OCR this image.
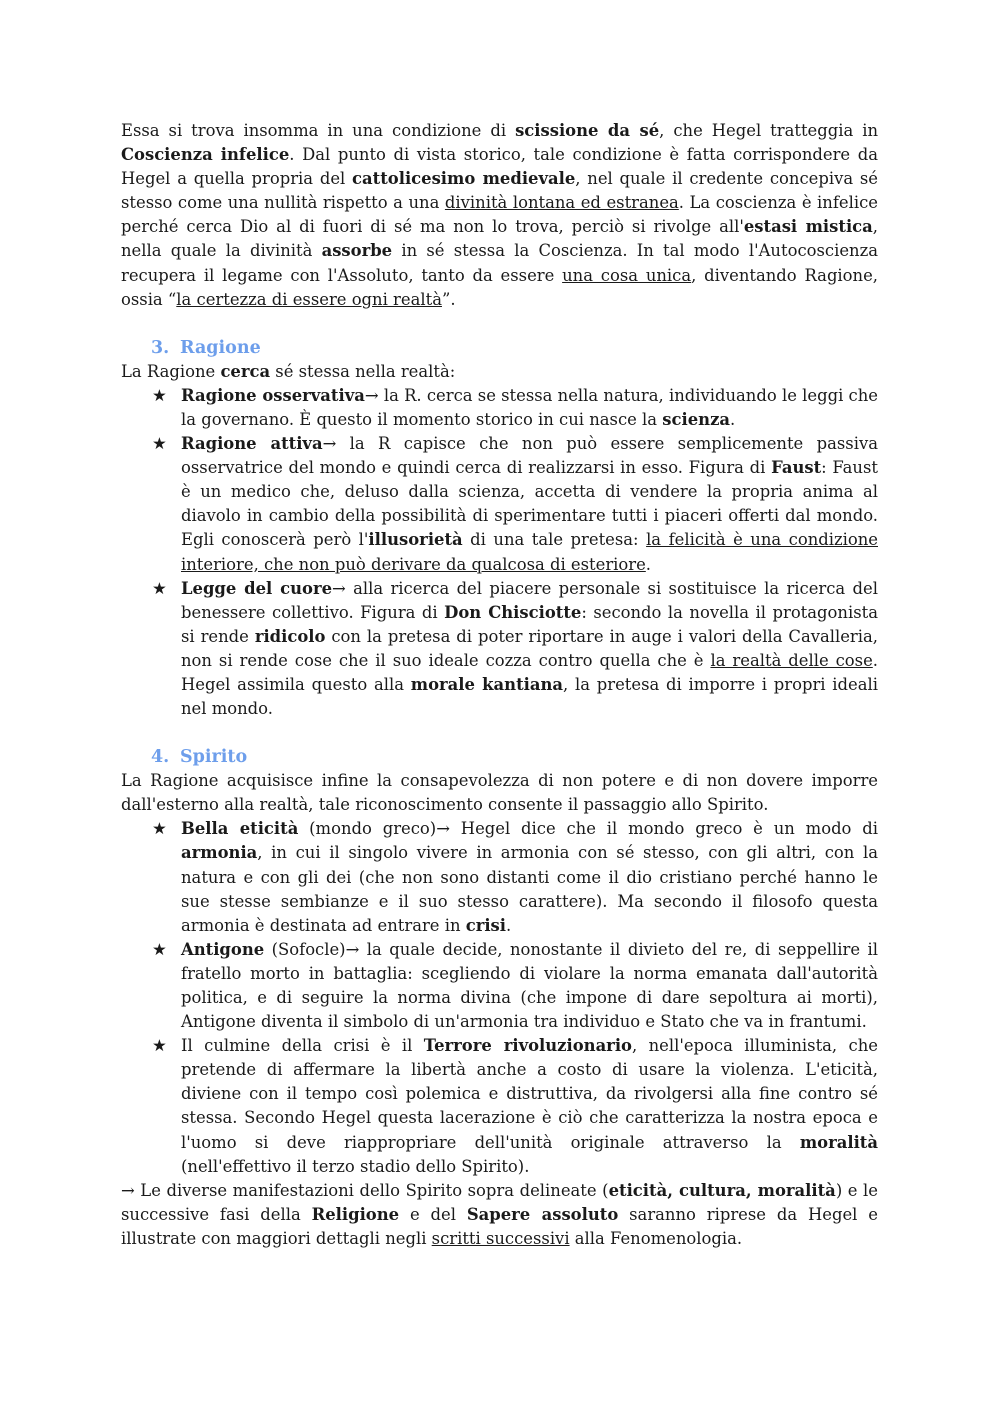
Essa si trova insomma in una condizione di scissione da sé, che Hegel tratteggia in Coscienza infelice. Dal punto di vista storico, tale condizione è fatta corrispondere da Hegel a quella propria del cattolicesimo medievale, nel quale il credente concepiva sé stesso come una nullità rispetto a una divinità lontana ed estranea. La coscienza è infelice perché cerca Dio al di fuori di sé ma non lo trova, perciò si rivolge all'estasi mistica, nella quale la divinità assorbe in sé stessa la Coscienza. In tal modo l'Autocoscienza recupera il legame con l'Assoluto, tanto da essere una cosa unica, diventando Ragione, ossia “la certezza di essere ogni realtà”.

3. Ragione

La Ragione cerca sé stessa nella realtà:

★ Ragione osservativa→ la R. cerca se stessa nella natura, individuando le leggi che la governano. È questo il momento storico in cui nasce la scienza.
★ Ragione attiva→ la R capisce che non può essere semplicemente passiva osservatrice del mondo e quindi cerca di realizzarsi in esso. Figura di Faust: Faust è un medico che, deluso dalla scienza, accetta di vendere la propria anima al diavolo in cambio della possibilità di sperimentare tutti i piaceri offerti dal mondo. Egli conoscerà però l'illusorietà di una tale pretesa: la felicità è una condizione interiore, che non può derivare da qualcosa di esteriore.
★ Legge del cuore→ alla ricerca del piacere personale si sostituisce la ricerca del benessere collettivo. Figura di Don Chisciotte: secondo la novella il protagonista si rende ridicolo con la pretesa di poter riportare in auge i valori della Cavalleria, non si rende cose che il suo ideale cozza contro quella che è la realtà delle cose. Hegel assimila questo alla morale kantiana, la pretesa di imporre i propri ideali nel mondo.
4. Spirito

La Ragione acquisisce infine la consapevolezza di non potere e di non dovere imporre dall'esterno alla realtà, tale riconoscimento consente il passaggio allo Spirito.

★ Bella eticità (mondo greco)→ Hegel dice che il mondo greco è un modo di armonia, in cui il singolo vivere in armonia con sé stesso, con gli altri, con la natura e con gli dei (che non sono distanti come il dio cristiano perché hanno le sue stesse sembianze e il suo stesso carattere). Ma secondo il filosofo questa armonia è destinata ad entrare in crisi.
★ Antigone (Sofocle)→ la quale decide, nonostante il divieto del re, di seppellire il fratello morto in battaglia: scegliendo di violare la norma emanata dall'autorità politica, e di seguire la norma divina (che impone di dare sepoltura ai morti), Antigone diventa il simbolo di un'armonia tra individuo e Stato che va in frantumi.
★ Il culmine della crisi è il Terrore rivoluzionario, nell'epoca illuminista, che pretende di affermare la libertà anche a costo di usare la violenza. L'eticità, diviene con il tempo così polemica e distruttiva, da rivolgersi alla fine contro sé stessa. Secondo Hegel questa lacerazione è ciò che caratterizza la nostra epoca e l'uomo si deve riappropriare dell'unità originale attraverso la moralità (nell'effettivo il terzo stadio dello Spirito).

→ Le diverse manifestazioni dello Spirito sopra delineate (eticità, cultura, moralità) e le successive fasi della Religione e del Sapere assoluto saranno riprese da Hegel e illustrate con maggiori dettagli negli scritti successivi alla Fenomenologia.
